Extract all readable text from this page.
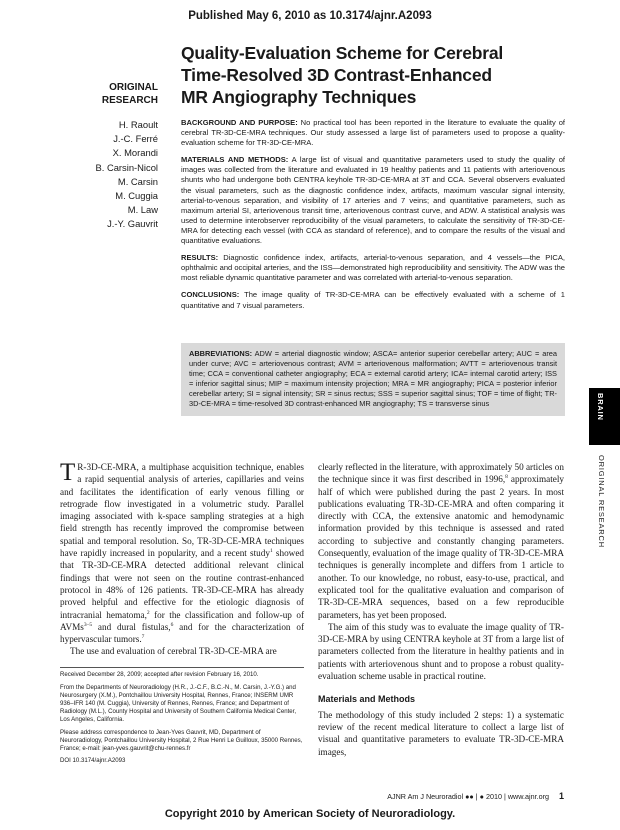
Published May 6, 2010 as 10.3174/ajnr.A2093
ORIGINAL
RESEARCH
Quality-Evaluation Scheme for Cerebral
Time-Resolved 3D Contrast-Enhanced
MR Angiography Techniques
H. Raoult
J.-C. Ferré
X. Morandi
B. Carsin-Nicol
M. Carsin
M. Cuggia
M. Law
J.-Y. Gauvrit

BACKGROUND AND PURPOSE: No practical tool has been reported in the literature to evaluate the quality of cerebral TR-3D-CE-MRA techniques. Our study assessed a large list of parameters used to propose a quality-evaluation scheme for TR-3D-CE-MRA.

MATERIALS AND METHODS: A large list of visual and quantitative parameters used to study the quality of images was collected from the literature and evaluated in 19 healthy patients and 11 patients with arteriovenous shunts who had undergone both CENTRA keyhole TR-3D-CE-MRA at 3T and CCA. Several observers evaluated the visual parameters, such as the diagnostic confidence index, artifacts, maximum vascular signal intensity, arterial-to-venous separation, and visibility of 17 arteries and 7 veins; and quantitative parameters, such as maximum arterial SI, arteriovenous transit time, arteriovenous contrast curve, and ADW. A statistical analysis was used to determine interobserver reproducibility of the visual parameters, to calculate the sensitivity of TR-3D-CE-MRA for detecting each vessel (with CCA as standard of reference), and to compare the results of the visual and quantitative evaluations.

RESULTS: Diagnostic confidence index, artifacts, arterial-to-venous separation, and 4 vessels—the PICA, ophthalmic and occipital arteries, and the ISS—demonstrated high reproducibility and sensitivity. The ADW was the most reliable dynamic quantitative parameter and was correlated with arterial-to-venous separation.

CONCLUSIONS: The image quality of TR-3D-CE-MRA can be effectively evaluated with a scheme of 1 quantitative and 7 visual parameters.

ABBREVIATIONS: ADW = arterial diagnostic window; ASCA= anterior superior cerebellar artery; AUC = area under curve; AVC = arteriovenous contrast; AVM = arteriovenous malformation; AVTT = arteriovenous transit time; CCA = conventional catheter angiography; ECA = external carotid artery; ICA= internal carotid artery; ISS = inferior sagittal sinus; MIP = maximum intensity projection; MRA = MR angiography; PICA = posterior inferior cerebellar artery; SI = signal intensity; SR = sinus rectus; SSS = superior sagittal sinus; TOF = time of flight; TR-3D-CE-MRA = time-resolved 3D contrast-enhanced MR angiography; TS = transverse sinus	BRAIN
ORIGINAL RESEARCH

T R-3D-CE-MRA, a multiphase acquisition technique, enables a rapid sequential analysis of arteries, capillaries and veins and facilitates the identification of early venous filling or retrograde flow investigated in a volumetric study. Parallel imaging associated with k-space sampling strategies at a high field strength has recently improved the compromise between spatial and temporal resolution. So, TR-3D-CE-MRA techniques have rapidly increased in popularity, and a recent study$^1$ showed that TR-3D-CE-MRA detected additional relevant clinical findings that were not seen on the routine contrast-enhanced protocol in 48% of 126 patients. TR-3D-CE-MRA has already proved helpful and effective for the etiologic diagnosis of intracranial hematoma,$^2$ for the classification and follow-up of AVMs$^{3-5}$ and dural fistulas,$^6$ and for the characterization of hypervascular tumors.$^7$

The use and evaluation of cerebral TR-3D-CE-MRA are

Received December 28, 2009; accepted after revision February 16, 2010.

From the Departments of Neuroradiology (H.R., J.-C.F., B.C.-N., M. Carsin, J.-Y.G.) and Neurosurgery (X.M.), Pontchaillou University Hospital, Rennes, France; INSERM UMR 936–IFR 140 (M. Cuggia), University of Rennes, Rennes, France; and Department of Radiology (M.L.), County Hospital and University of Southern California Medical Center, Los Angeles, California.

Please address correspondence to Jean-Yves Gauvrit, MD, Department of Neuroradiology, Pontchaillou University Hospital, 2 Rue Henri Le Guilloux, 35000 Rennes, France; e-mail: jean-yves.gauvrit@chu-rennes.fr

DOI 10.3174/ajnr.A2093

clearly reflected in the literature, with approximately 50 articles on the technique since it was first described in 1996,$^8$ approximately half of which were published during the past 2 years. In most publications evaluating TR-3D-CE-MRA and often comparing it directly with CCA, the extensive anatomic and hemodynamic information provided by this technique is assessed and rated according to subjective and constantly changing parameters. Consequently, evaluation of the image quality of TR-3D-CE-MRA techniques is generally incomplete and differs from 1 article to another. To our knowledge, no robust, easy-to-use, practical, and explicated tool for the qualitative evaluation and comparison of TR-3D-CE-MRA sequences, based on a few reproducible parameters, has yet been proposed.

The aim of this study was to evaluate the image quality of TR-3D-CE-MRA by using CENTRA keyhole at 3T from a large list of parameters collected from the literature in healthy patients and in patients with arteriovenous shunt and to propose a robust quality-evaluation scheme usable in practical routine.

Materials and Methods

The methodology of this study included 2 steps: 1) a systematic review of the recent medical literature to collect a large list of visual and quantitative parameters to evaluate TR-3D-CE-MRA images,

AJNR Am J Neuroradiol ●● | ● 2010 | www.ajnr.org 1
Copyright 2010 by American Society of Neuroradiology.
